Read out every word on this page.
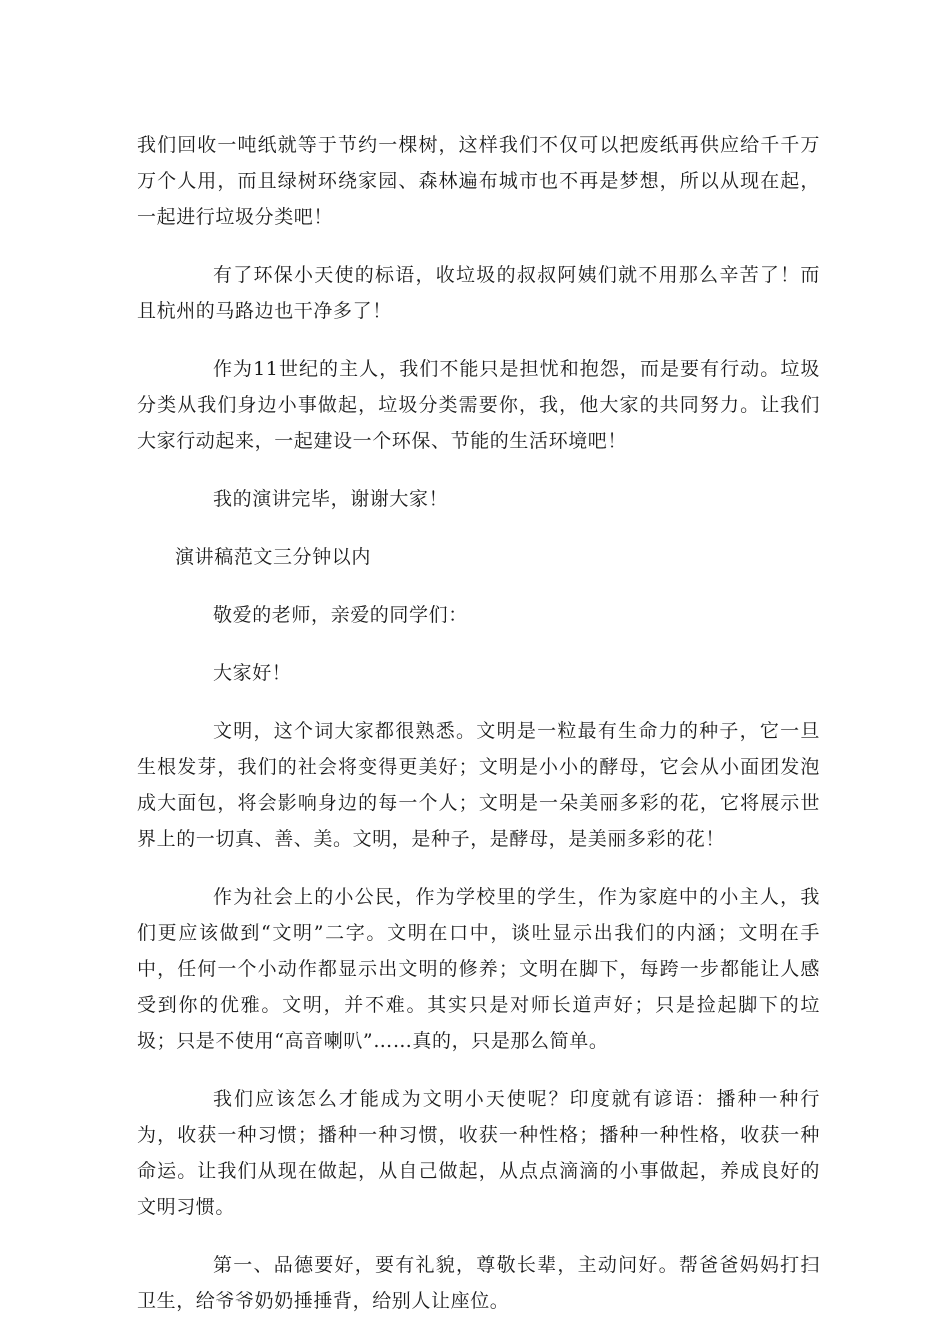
我们回收一吨纸就等于节约一棵树，这样我们不仅可以把废纸再供应给千千万万个人用，而且绿树环绕家园、森林遍布城市也不再是梦想，所以从现在起，一起进行垃圾分类吧！

有了环保小天使的标语，收垃圾的叔叔阿姨们就不用那么辛苦了！而且杭州的马路边也干净多了！

作为11世纪的主人，我们不能只是担忧和抱怨，而是要有行动。垃圾分类从我们身边小事做起，垃圾分类需要你，我，他大家的共同努力。让我们大家行动起来，一起建设一个环保、节能的生活环境吧！

我的演讲完毕，谢谢大家！

演讲稿范文三分钟以内

敬爱的老师，亲爱的同学们：

大家好！

文明，这个词大家都很熟悉。文明是一粒最有生命力的种子，它一旦生根发芽，我们的社会将变得更美好；文明是小小的酵母，它会从小面团发泡成大面包，将会影响身边的每一个人；文明是一朵美丽多彩的花，它将展示世界上的一切真、善、美。文明，是种子，是酵母，是美丽多彩的花！

作为社会上的小公民，作为学校里的学生，作为家庭中的小主人，我们更应该做到“文明”二字。文明在口中，谈吐显示出我们的内涵；文明在手中，任何一个小动作都显示出文明的修养；文明在脚下，每跨一步都能让人感受到你的优雅。文明，并不难。其实只是对师长道声好；只是捡起脚下的垃圾；只是不使用“高音喇叭”……真的，只是那么简单。

我们应该怎么才能成为文明小天使呢？印度就有谚语：播种一种行为，收获一种习惯；播种一种习惯，收获一种性格；播种一种性格，收获一种命运。让我们从现在做起，从自己做起，从点点滴滴的小事做起，养成良好的文明习惯。

第一、品德要好，要有礼貌，尊敬长辈，主动问好。帮爸爸妈妈打扫卫生，给爷爷奶奶捶捶背，给别人让座位。
